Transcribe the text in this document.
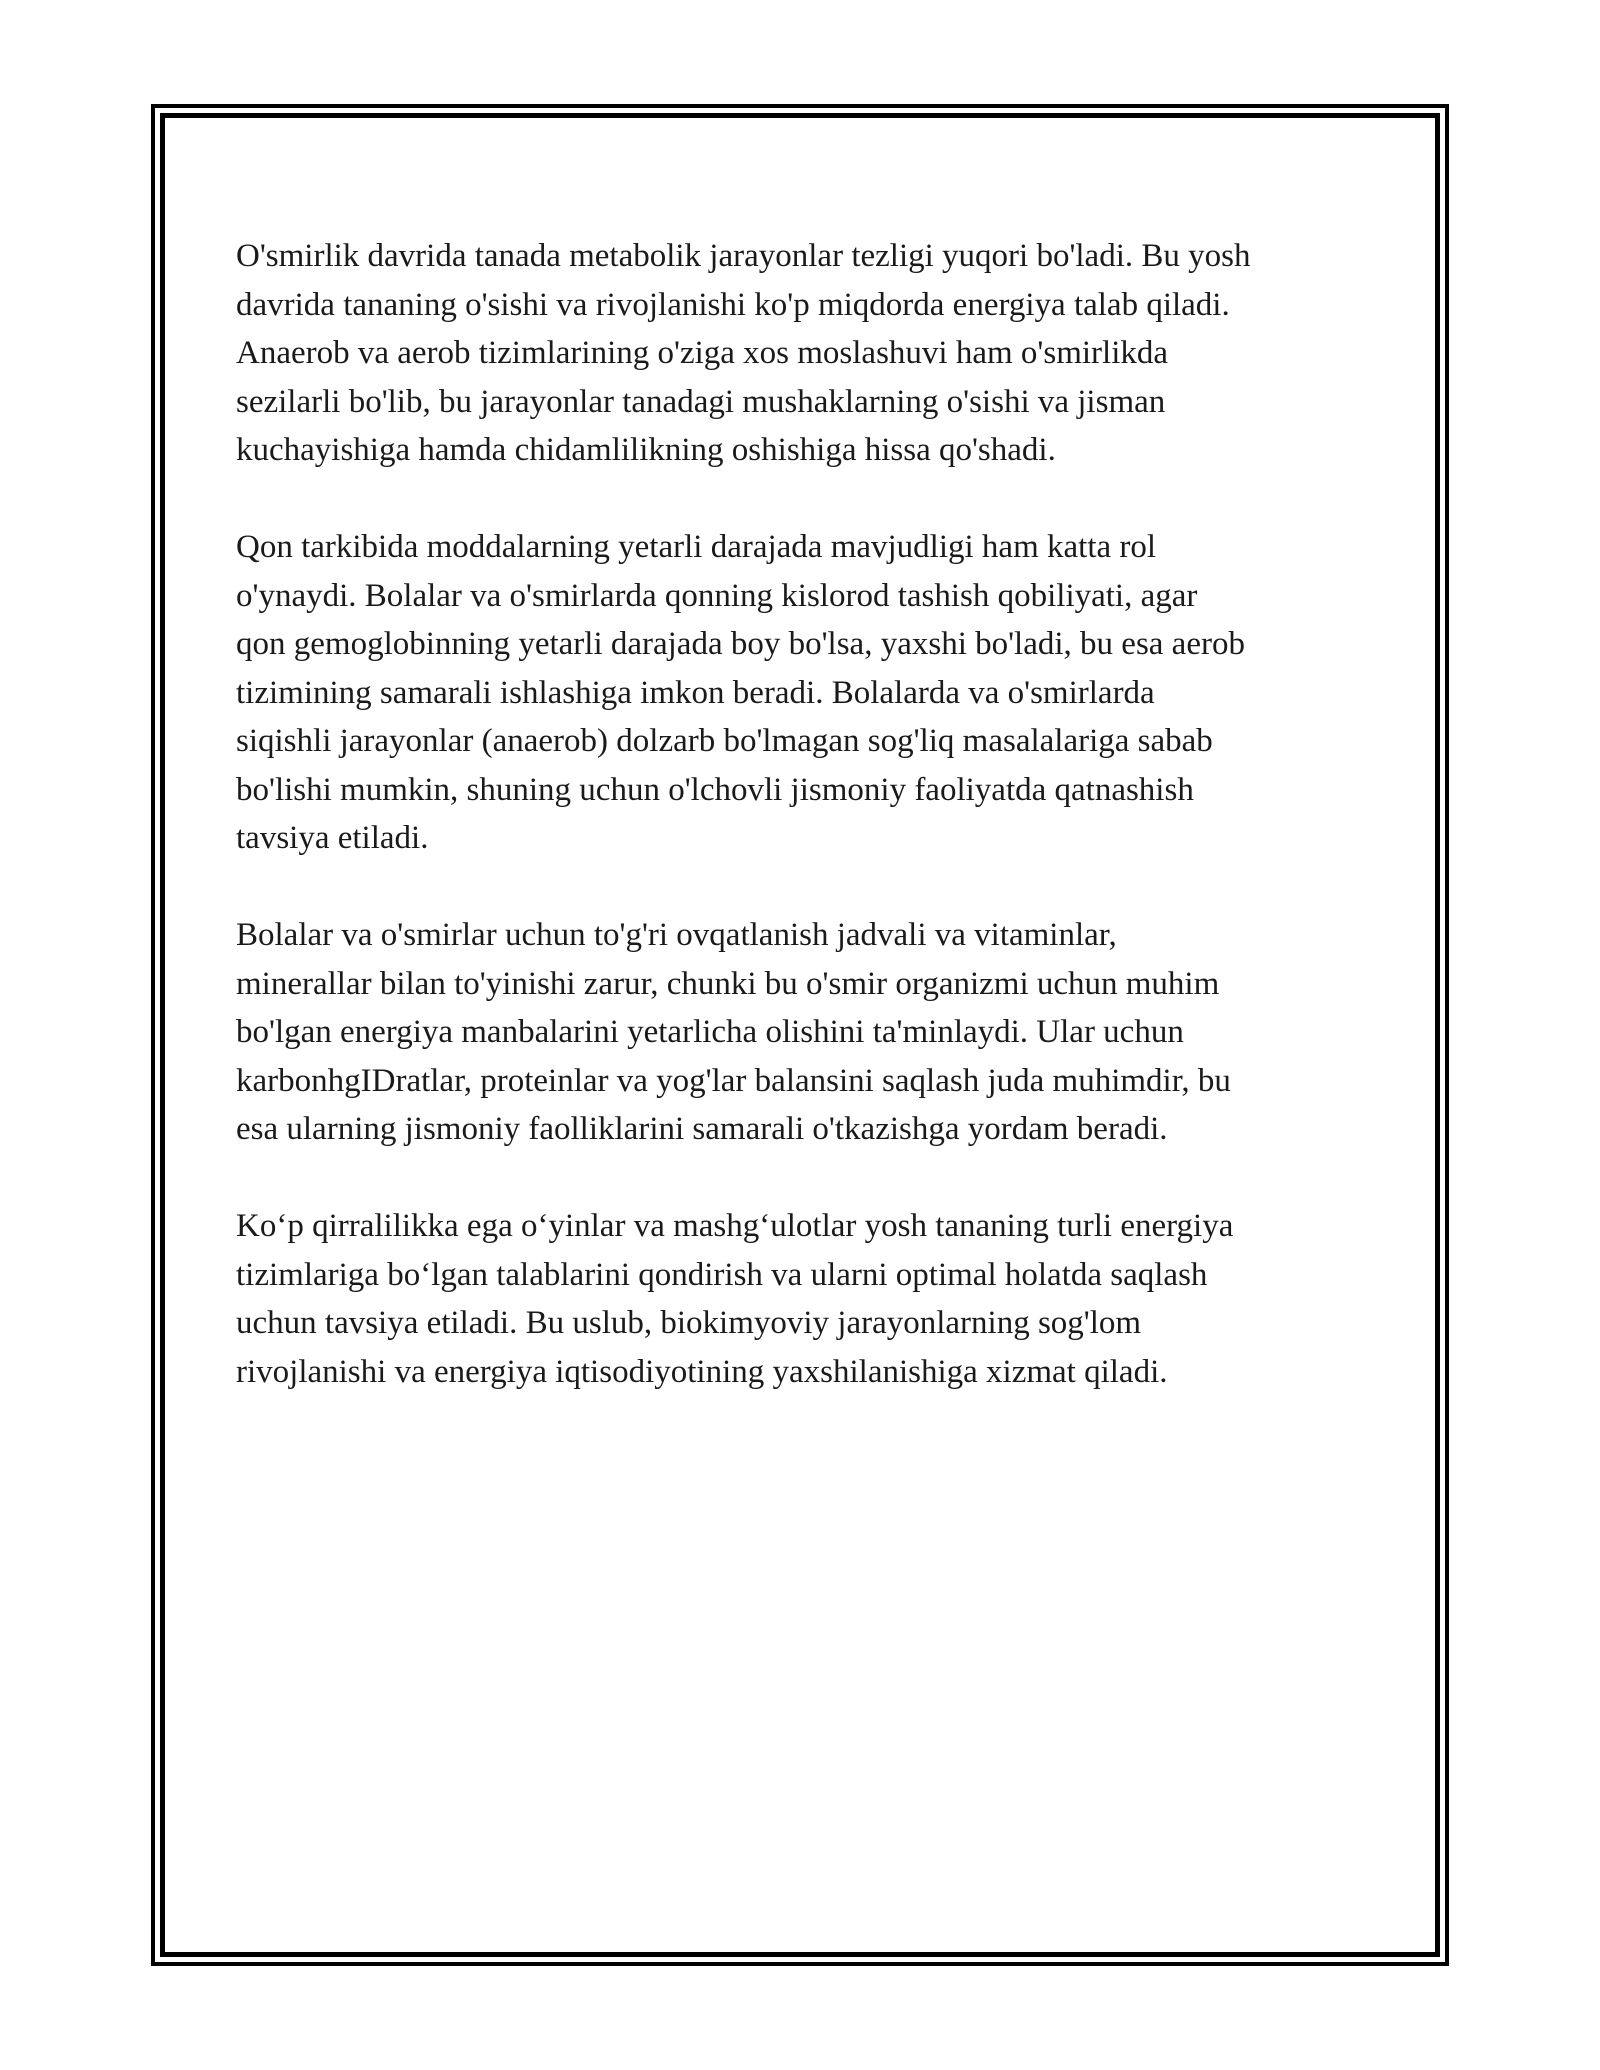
O'smirlik davrida tanada metabolik jarayonlar tezligi yuqori bo'ladi. Bu yosh
davrida tananing o'sishi va rivojlanishi ko'p miqdorda energiya talab qiladi.
Anaerob va aerob tizimlarining o'ziga xos moslashuvi ham o'smirlikda
sezilarli bo'lib, bu jarayonlar tanadagi mushaklarning o'sishi va jisman
kuchayishiga hamda chidamlilikning oshishiga hissa qo'shadi.

Qon tarkibida moddalarning yetarli darajada mavjudligi ham katta rol
o'ynaydi. Bolalar va o'smirlarda qonning kislorod tashish qobiliyati, agar
qon gemoglobinning yetarli darajada boy bo'lsa, yaxshi bo'ladi, bu esa aerob
tizimining samarali ishlashiga imkon beradi. Bolalarda va o'smirlarda
siqishli jarayonlar (anaerob) dolzarb bo'lmagan sog'liq masalalariga sabab
bo'lishi mumkin, shuning uchun o'lchovli jismoniy faoliyatda qatnashish
tavsiya etiladi.

Bolalar va o'smirlar uchun to'g'ri ovqatlanish jadvali va vitaminlar,
minerallar bilan to'yinishi zarur, chunki bu o'smir organizmi uchun muhim
bo'lgan energiya manbalarini yetarlicha olishini ta'minlaydi. Ular uchun
karbonhgIDratlar, proteinlar va yog'lar balansini saqlash juda muhimdir, bu
esa ularning jismoniy faolliklarini samarali o'tkazishga yordam beradi.

Ko‘p qirralilikka ega o‘yinlar va mashg‘ulotlar yosh tananing turli energiya
tizimlariga bo‘lgan talablarini qondirish va ularni optimal holatda saqlash
uchun tavsiya etiladi. Bu uslub, biokimyoviy jarayonlarning sog'lom
rivojlanishi va energiya iqtisodiyotining yaxshilanishiga xizmat qiladi.
